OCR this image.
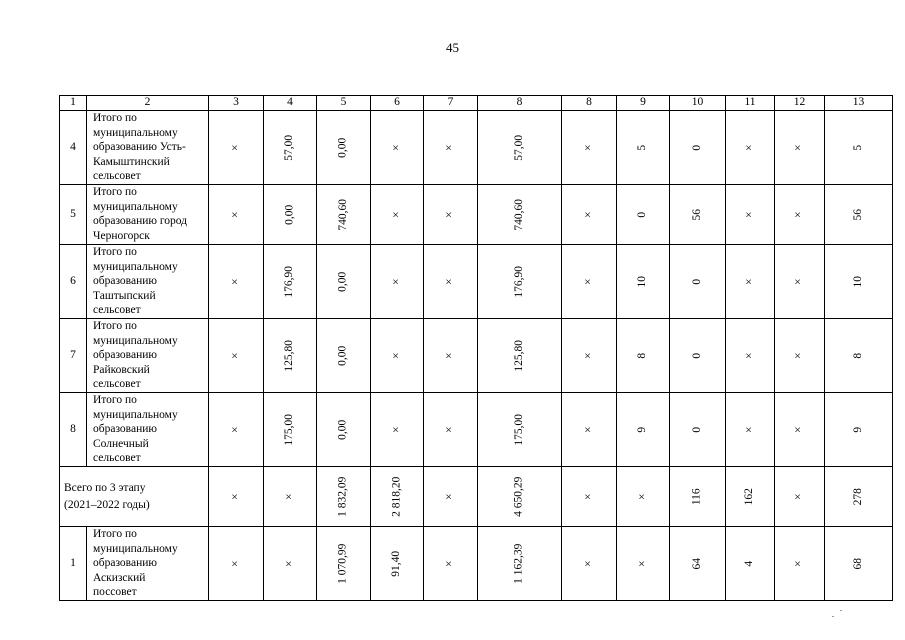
45
1	2	3	4	5	6	7	8	8	9	10	11	12	13
4	Итого по
муниципальному
образованию Усть-
Камыштинский
сельсовет	×	57,00	0,00	×	×	57,00	×	5	0	×	×	5
5	Итого по
муниципальному
образованию город
Черногорск	×	0,00	740,60	×	×	740,60	×	0	56	×	×	56
6	Итого по
муниципальному
образованию
Таштыпский
сельсовет	×	176,90	0,00	×	×	176,90	×	10	0	×	×	10
7	Итого по
муниципальному
образованию
Райковский
сельсовет	×	125,80	0,00	×	×	125,80	×	8	0	×	×	8
8	Итого по
муниципальному
образованию
Солнечный
сельсовет	×	175,00	0,00	×	×	175,00	×	9	0	×	×	9

Всего по 3 этапу
(2021–2022 годы)		×	×	1 832,09	2 818,20	×	4 650,29	×	×	116	162	×	278
1	Итого по
муниципальному
образованию
Аскизский
поссовет	×	×	1 070,99	91,40	×	1 162,39	×	×	64	4	×	68
